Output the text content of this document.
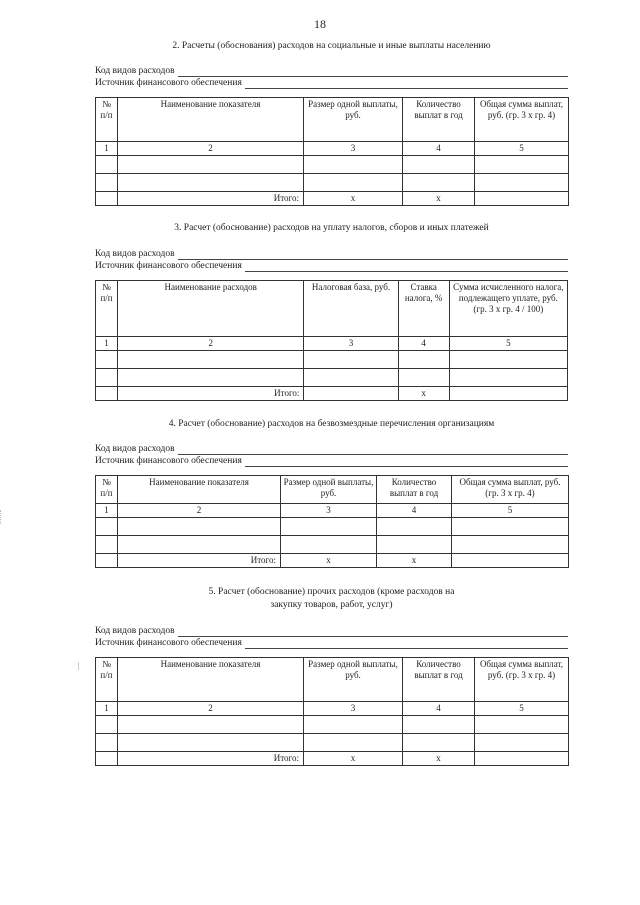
18
2. Расчеты (обоснования) расходов на социальные и иные выплаты населению
Код видов расходов
Источник финансового обеспечения
№ п/п	Наименование показателя	Размер одной выплаты, руб.	Количество выплат в год	Общая сумма выплат, руб. (гр. 3 х гр. 4)
1	2	3	4	5

	Итого:	х	х	
3. Расчет (обоснование) расходов на уплату налогов, сборов и иных платежей
Код видов расходов
Источник финансового обеспечения
№ п/п	Наименование расходов	Налоговая база, руб.	Ставка налога, %	Сумма исчисленного налога, подлежащего уплате, руб. (гр. 3 х гр. 4 / 100)
1	2	3	4	5

	Итого:		х	
4. Расчет (обоснование) расходов на безвозмездные перечисления организациям
Код видов расходов
Источник финансового обеспечения
№ п/п	Наименование показателя	Размер одной выплаты, руб.	Количество выплат в год	Общая сумма выплат, руб. (гр. 3 х гр. 4)
1	2	3	4	5

	Итого:	х	х	
5. Расчет (обоснование) прочих расходов (кроме расходов на закупку товаров, работ, услуг)
Код видов расходов
Источник финансового обеспечения
№ п/п	Наименование показателя	Размер одной выплаты, руб.	Количество выплат в год	Общая сумма выплат, руб. (гр. 3 х гр. 4)
1	2	3	4	5

	Итого:	х	х	
